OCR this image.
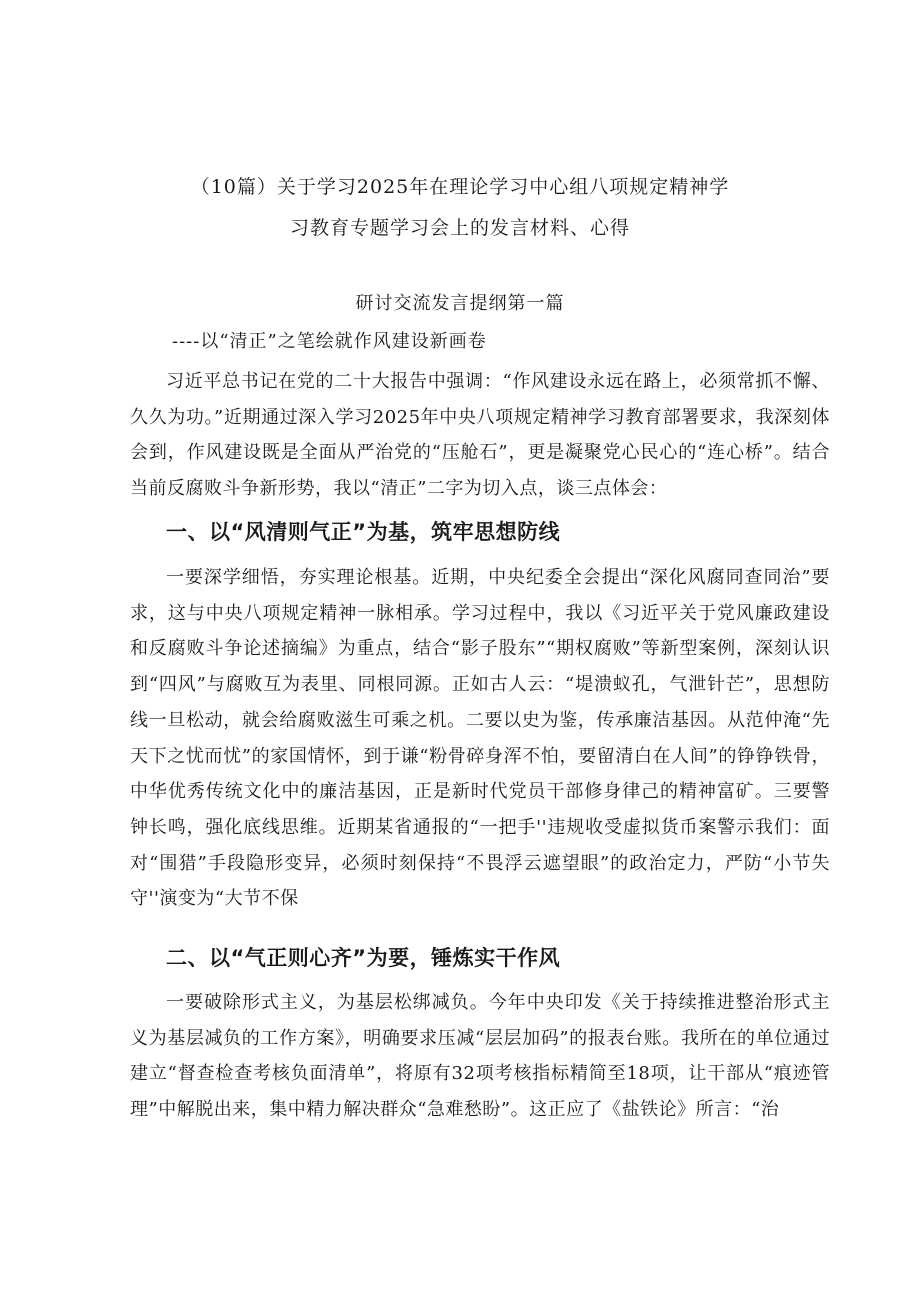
（10篇）关于学习2025年在理论学习中心组八项规定精神学
习教育专题学习会上的发言材料、心得
研讨交流发言提纲第一篇
----以“清正”之笔绘就作风建设新画卷

习近平总书记在党的二十大报告中强调：“作风建设永远在路上，必须常抓不懈、久久为功。”近期通过深入学习2025年中央八项规定精神学习教育部署要求，我深刻体会到，作风建设既是全面从严治党的“压舱石”，更是凝聚党心民心的“连心桥”。结合当前反腐败斗争新形势，我以“清正”二字为切入点，谈三点体会：

一、以“风清则气正”为基，筑牢思想防线

一要深学细悟，夯实理论根基。近期，中央纪委全会提出“深化风腐同查同治”要求，这与中央八项规定精神一脉相承。学习过程中，我以《习近平关于党风廉政建设和反腐败斗争论述摘编》为重点，结合“影子股东”“期权腐败”等新型案例，深刻认识到“四风”与腐败互为表里、同根同源。正如古人云：“堤溃蚁孔，气泄针芒”，思想防线一旦松动，就会给腐败滋生可乘之机。二要以史为鉴，传承廉洁基因。从范仲淹“先天下之忧而忧”的家国情怀，到于谦“粉骨碎身浑不怕，要留清白在人间”的铮铮铁骨，中华优秀传统文化中的廉洁基因，正是新时代党员干部修身律己的精神富矿。三要警钟长鸣，强化底线思维。近期某省通报的“一把手''违规收受虚拟货币案警示我们：面对“围猎”手段隐形变异，必须时刻保持“不畏浮云遮望眼”的政治定力，严防“小节失守''演变为“大节不保

二、以“气正则心齐”为要，锤炼实干作风

一要破除形式主义，为基层松绑减负。今年中央印发《关于持续推进整治形式主义为基层减负的工作方案》，明确要求压减“层层加码”的报表台账。我所在的单位通过建立“督查检查考核负面清单”，将原有32项考核指标精简至18项，让干部从“痕迹管理”中解脱出来，集中精力解决群众“急难愁盼”。这正应了《盐铁论》所言：“治
